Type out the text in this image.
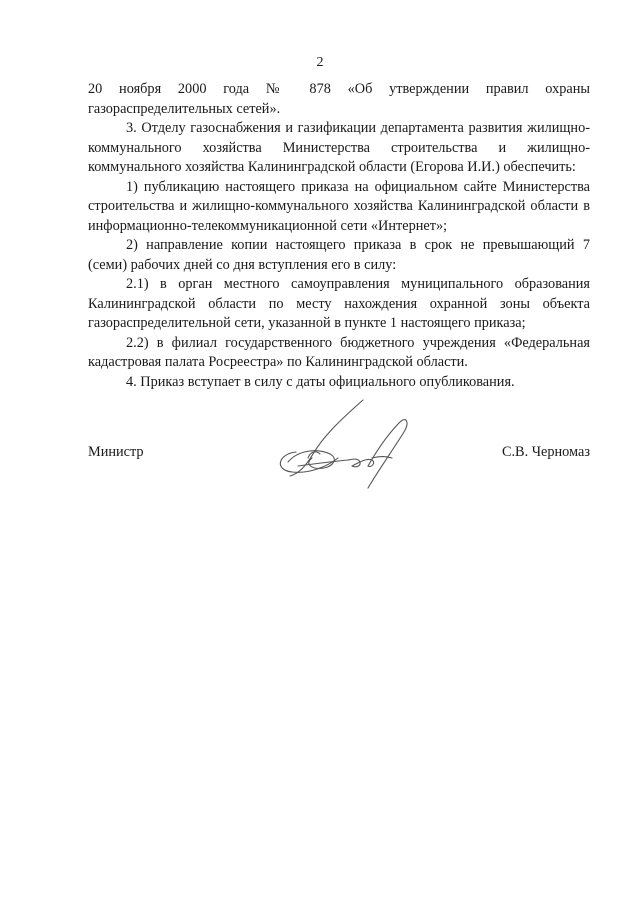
2

20 ноября 2000 года № 878 «Об утверждении правил охраны газораспределительных сетей».

3. Отделу газоснабжения и газификации департамента развития жилищно-коммунального хозяйства Министерства строительства и жилищно-коммунального хозяйства Калининградской области (Егорова И.И.) обеспечить:

1) публикацию настоящего приказа на официальном сайте Министерства строительства и жилищно-коммунального хозяйства Калининградской области в информационно-телекоммуникационной сети «Интернет»;

2) направление копии настоящего приказа в срок не превышающий 7 (семи) рабочих дней со дня вступления его в силу:

2.1) в орган местного самоуправления муниципального образования Калининградской области по месту нахождения охранной зоны объекта газораспределительной сети, указанной в пункте 1 настоящего приказа;

2.2) в филиал государственного бюджетного учреждения «Федеральная кадастровая палата Росреестра» по Калининградской области.

4. Приказ вступает в силу с даты официального опубликования.

Министр	С.В. Черномаз
